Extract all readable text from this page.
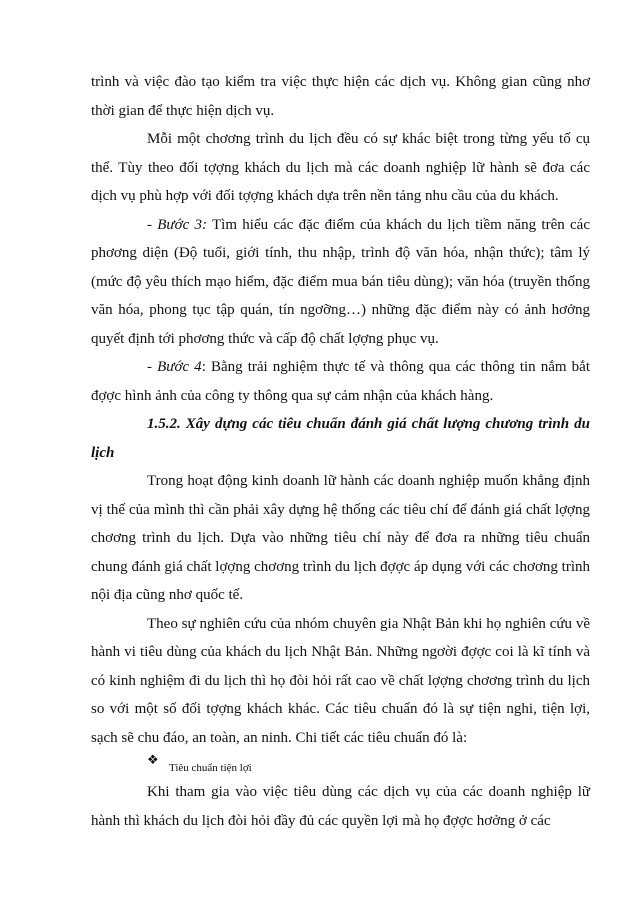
trình và việc đào tạo kiểm tra việc thực hiện các dịch vụ. Không gian cũng nhơ thời gian để thực hiện dịch vụ.

Mỗi một chơơng trình du lịch đều có sự khác biệt trong từng yếu tố cụ thể. Tùy theo đối tợợng khách du lịch mà các doanh nghiệp lữ hành sẽ đơa các dịch vụ phù hợp với đối tợợng khách dựa trên nền tảng nhu cầu của du khách.

- Bước 3: Tìm hiểu các đặc điểm của khách du lịch tiềm năng trên các phơơng diện (Độ tuổi, giới tính, thu nhập, trình độ văn hóa, nhận thức); tâm lý (mức độ yêu thích mạo hiểm, đặc điểm mua bán tiêu dùng); văn hóa (truyền thống văn hóa, phong tục tập quán, tín ngơỡng…) những đặc điểm này có ảnh hơởng quyết định tới phơơng thức và cấp độ chất lợợng phục vụ.

- Bước 4: Bằng trải nghiệm thực tế và thông qua các thông tin nắm bắt đợợc hình ảnh của công ty thông qua sự cảm nhận của khách hàng.

1.5.2. Xây dựng các tiêu chuẩn đánh giá chất lượng chương trình du lịch

Trong hoạt động kinh doanh lữ hành các doanh nghiệp muốn khẳng định vị thế của mình thì cần phải xây dựng hệ thống các tiêu chí để đánh giá chất lợợng chơơng trình du lịch. Dựa vào những tiêu chí này để đơa ra những tiêu chuẩn chung đánh giá chất lợợng chơơng trình du lịch đợợc áp dụng với các chơơng trình nội địa cũng nhơ quốc tế.

Theo sự nghiên cứu của nhóm chuyên gia Nhật Bản khi họ nghiên cứu về hành vi tiêu dùng của khách du lịch Nhật Bản. Những ngơời đợợc coi là kĩ tính và có kinh nghiệm đi du lịch thì họ đòi hỏi rất cao về chất lợợng chơơng trình du lịch so với một số đối tợợng khách khác. Các tiêu chuẩn đó là sự tiện nghi, tiện lợi, sạch sẽ chu đáo, an toàn, an ninh. Chi tiết các tiêu chuẩn đó là:

❖
Tiêu chuẩn tiện lợi

Khi tham gia vào việc tiêu dùng các dịch vụ của các doanh nghiệp lữ hành thì khách du lịch đòi hỏi đầy đủ các quyền lợi mà họ đợợc hơởng ở các
